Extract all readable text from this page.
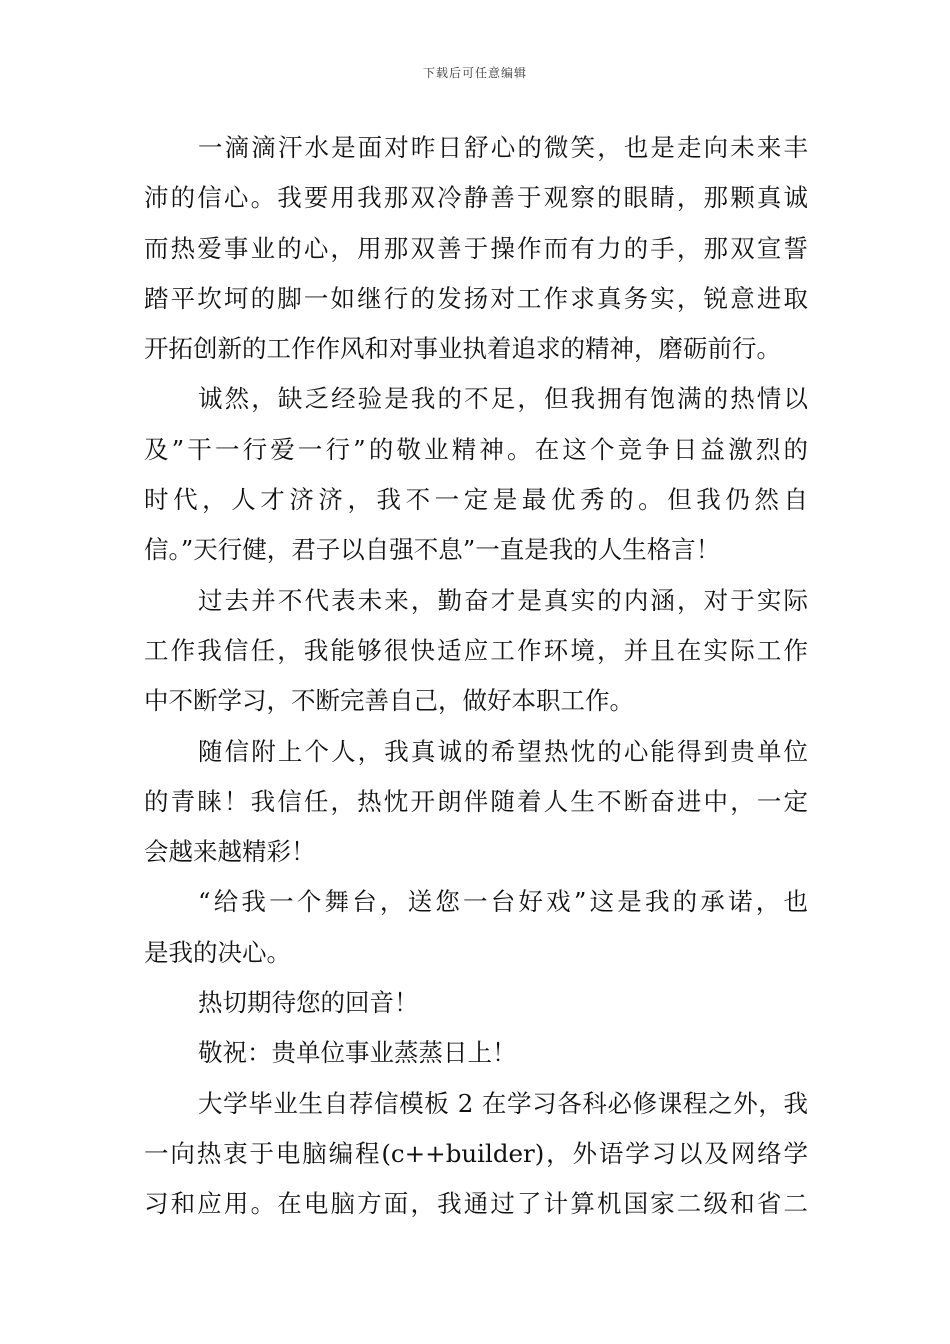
下载后可任意编辑
一滴滴汗水是面对昨日舒心的微笑，也是走向未来丰
沛的信心。我要用我那双冷静善于观察的眼睛，那颗真诚
而热爱事业的心，用那双善于操作而有力的手，那双宣誓
踏平坎坷的脚一如继行的发扬对工作求真务实，锐意进取
开拓创新的工作作风和对事业执着追求的精神，磨砺前行。
诚然，缺乏经验是我的不足，但我拥有饱满的热情以
及”干一行爱一行”的敬业精神。在这个竞争日益激烈的
时代，人才济济，我不一定是最优秀的。但我仍然自
信。”天行健，君子以自强不息”一直是我的人生格言！
过去并不代表未来，勤奋才是真实的内涵，对于实际
工作我信任，我能够很快适应工作环境，并且在实际工作
中不断学习，不断完善自己，做好本职工作。
随信附上个人，我真诚的希望热忱的心能得到贵单位
的青睐！我信任，热忱开朗伴随着人生不断奋进中，一定
会越来越精彩！
“给我一个舞台，送您一台好戏”这是我的承诺，也
是我的决心。
热切期待您的回音！
敬祝：贵单位事业蒸蒸日上！
大学毕业生自荐信模板 2 在学习各科必修课程之外，我
一向热衷于电脑编程(c++builder)，外语学习以及网络学
习和应用。在电脑方面，我通过了计算机国家二级和省二
